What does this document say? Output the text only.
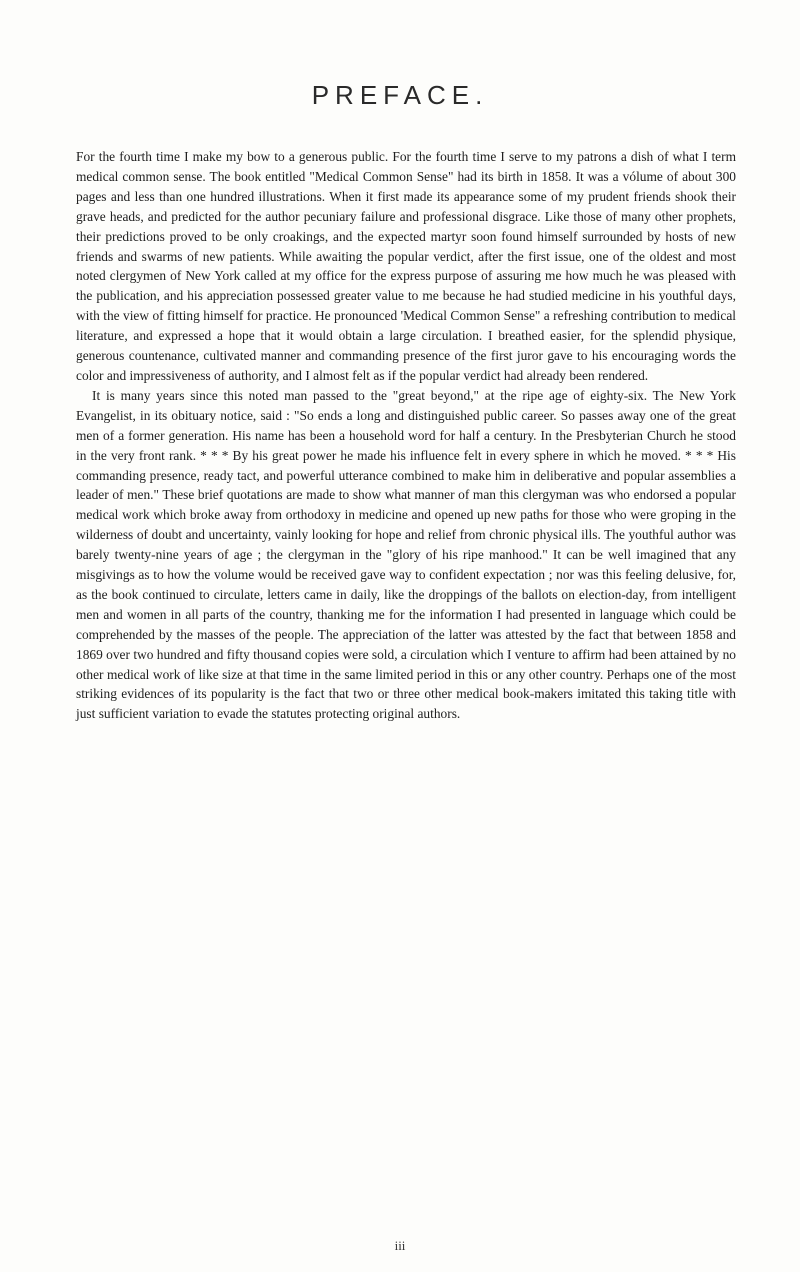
PREFACE.

For the fourth time I make my bow to a generous public. For the fourth time I serve to my patrons a dish of what I term medical common sense. The book entitled "Medical Common Sense" had its birth in 1858. It was a vólume of about 300 pages and less than one hundred illustrations. When it first made its appearance some of my prudent friends shook their grave heads, and predicted for the author pecuniary failure and professional disgrace. Like those of many other prophets, their predictions proved to be only croakings, and the expected martyr soon found himself surrounded by hosts of new friends and swarms of new patients. While awaiting the popular verdict, after the first issue, one of the oldest and most noted clergymen of New York called at my office for the express purpose of assuring me how much he was pleased with the publication, and his appreciation possessed greater value to me because he had studied medicine in his youthful days, with the view of fitting himself for practice. He pronounced 'Medical Common Sense" a refreshing contribution to medical literature, and expressed a hope that it would obtain a large circulation. I breathed easier, for the splendid physique, generous countenance, cultivated manner and commanding presence of the first juror gave to his encouraging words the color and impressiveness of authority, and I almost felt as if the popular verdict had already been rendered.

It is many years since this noted man passed to the "great beyond," at the ripe age of eighty-six. The New York Evangelist, in its obituary notice, said : "So ends a long and distinguished public career. So passes away one of the great men of a former generation. His name has been a household word for half a century. In the Presbyterian Church he stood in the very front rank. * * * By his great power he made his influence felt in every sphere in which he moved. * * * His commanding presence, ready tact, and powerful utterance combined to make him in deliberative and popular assemblies a leader of men." These brief quotations are made to show what manner of man this clergyman was who endorsed a popular medical work which broke away from orthodoxy in medicine and opened up new paths for those who were groping in the wilderness of doubt and uncertainty, vainly looking for hope and relief from chronic physical ills. The youthful author was barely twenty-nine years of age ; the clergyman in the "glory of his ripe manhood." It can be well imagined that any misgivings as to how the volume would be received gave way to confident expectation ; nor was this feeling delusive, for, as the book continued to circulate, letters came in daily, like the droppings of the ballots on election-day, from intelligent men and women in all parts of the country, thanking me for the information I had presented in language which could be comprehended by the masses of the people. The appreciation of the latter was attested by the fact that between 1858 and 1869 over two hundred and fifty thousand copies were sold, a circulation which I venture to affirm had been attained by no other medical work of like size at that time in the same limited period in this or any other country. Perhaps one of the most striking evidences of its popularity is the fact that two or three other medical book-makers imitated this taking title with just sufficient variation to evade the statutes protecting original authors.

iii
